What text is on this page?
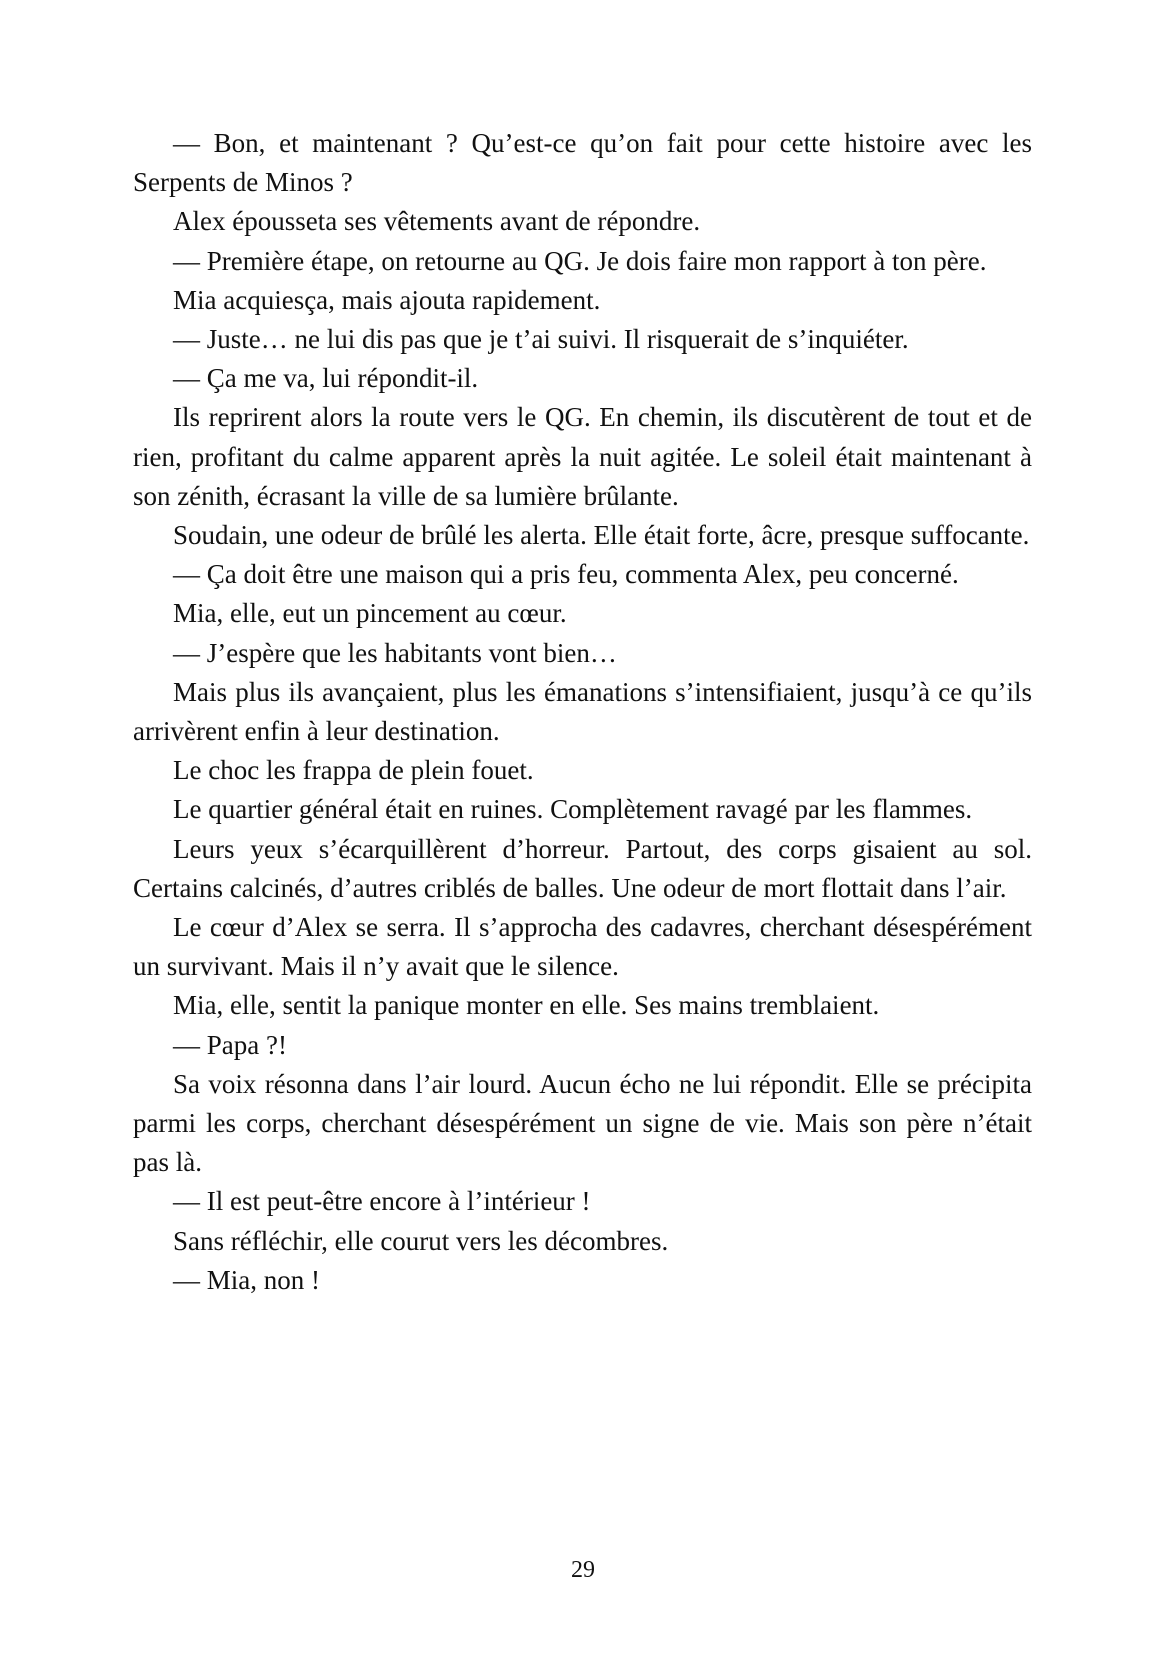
— Bon, et maintenant ? Qu’est-ce qu’on fait pour cette histoire avec les Serpents de Minos ?

Alex épousseta ses vêtements avant de répondre.

— Première étape, on retourne au QG. Je dois faire mon rapport à ton père.

Mia acquiesça, mais ajouta rapidement.

— Juste… ne lui dis pas que je t’ai suivi. Il risquerait de s’inquiéter.

— Ça me va, lui répondit-il.

Ils reprirent alors la route vers le QG. En chemin, ils discutèrent de tout et de rien, profitant du calme apparent après la nuit agitée. Le soleil était maintenant à son zénith, écrasant la ville de sa lumière brûlante.

Soudain, une odeur de brûlé les alerta. Elle était forte, âcre, presque suffocante.

— Ça doit être une maison qui a pris feu, commenta Alex, peu concerné.

Mia, elle, eut un pincement au cœur.

— J’espère que les habitants vont bien…

Mais plus ils avançaient, plus les émanations s’intensifiaient, jusqu’à ce qu’ils arrivèrent enfin à leur destination.

Le choc les frappa de plein fouet.

Le quartier général était en ruines. Complètement ravagé par les flammes.

Leurs yeux s’écarquillèrent d’horreur. Partout, des corps gisaient au sol. Certains calcinés, d’autres criblés de balles. Une odeur de mort flottait dans l’air.

Le cœur d’Alex se serra. Il s’approcha des cadavres, cherchant désespérément un survivant. Mais il n’y avait que le silence.

Mia, elle, sentit la panique monter en elle. Ses mains tremblaient.

— Papa ?!

Sa voix résonna dans l’air lourd. Aucun écho ne lui répondit. Elle se précipita parmi les corps, cherchant désespérément un signe de vie. Mais son père n’était pas là.

— Il est peut-être encore à l’intérieur !

Sans réfléchir, elle courut vers les décombres.

— Mia, non !

29
